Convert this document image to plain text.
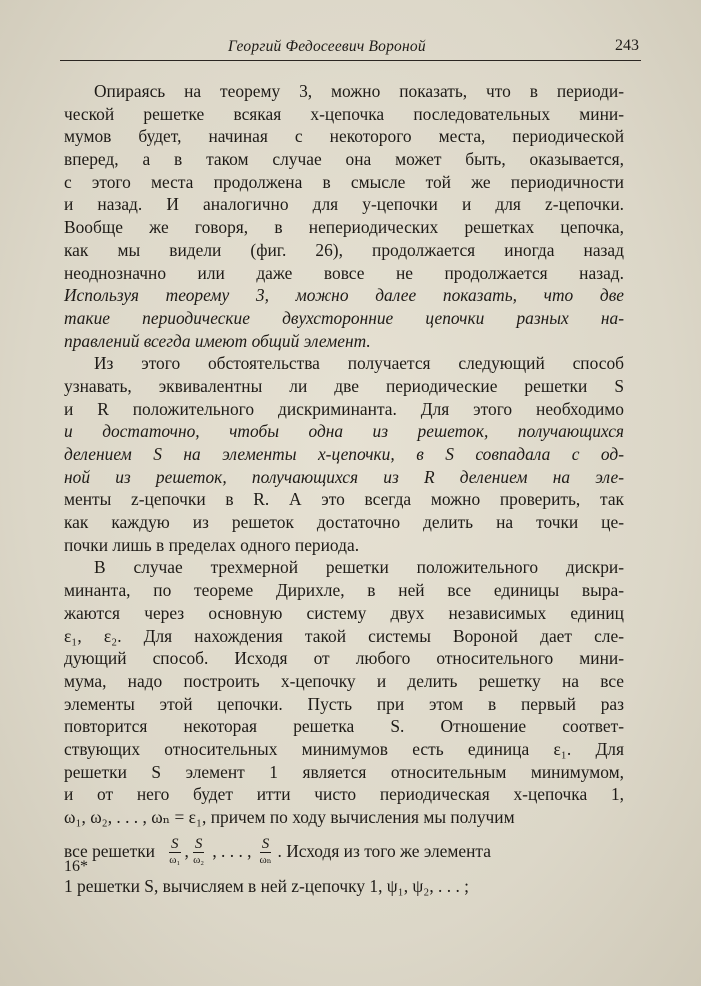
Георгий Федосеевич Вороной	243
Опираясь на теорему 3, можно показать, что в периоди-
ческой решетке всякая x-цепочка последовательных мини-
мумов будет, начиная с некоторого места, периодической
вперед, а в таком случае она может быть, оказывается,
с этого места продолжена в смысле той же периодичности
и назад. И аналогично для y-цепочки и для z-цепочки.
Вообще же говоря, в непериодических решетках цепочка,
как мы видели (фиг. 26), продолжается иногда назад
неоднозначно или даже вовсе не продолжается назад.
Используя теорему 3, можно далее показать, что две
такие периодические двухсторонние цепочки разных на-
правлений всегда имеют общий элемент.
Из этого обстоятельства получается следующий способ
узнавать, эквивалентны ли две периодические решетки S
и R положительного дискриминанта. Для этого необходимо
и достаточно, чтобы одна из решеток, получающихся
делением S на элементы x-цепочки, в S совпадала с од-
ной из решеток, получающихся из R делением на эле-
менты z-цепочки в R. А это всегда можно проверить, так
как каждую из решеток достаточно делить на точки це-
почки лишь в пределах одного периода.
В случае трехмерной решетки положительного дискри-
минанта, по теореме Дирихле, в ней все единицы выра-
жаются через основную систему двух независимых единиц
ε₁, ε₂. Для нахождения такой системы Вороной дает сле-
дующий способ. Исходя от любого относительного мини-
мума, надо построить x-цепочку и делить решетку на все
элементы этой цепочки. Пусть при этом в первый раз
повторится некоторая решетка S. Отношение соответ-
ствующих относительных минимумов есть единица ε₁. Для
решетки S элемент 1 является относительным минимумом,
и от него будет итти чисто периодическая x-цепочка 1,
ω₁, ω₂, . . . , ωₙ = ε₁, причем по ходу вычисления мы получим
все решетки $\frac{S}{\text{ω₁}}$ , $\frac{S}{\text{ω₂}}$ , . . . , $\frac{S}{\text{ωₙ}}$ . Исходя из того же элемента
1 решетки S, вычисляем в ней z-цепочку 1, ψ₁, ψ₂, . . . ;
16*
